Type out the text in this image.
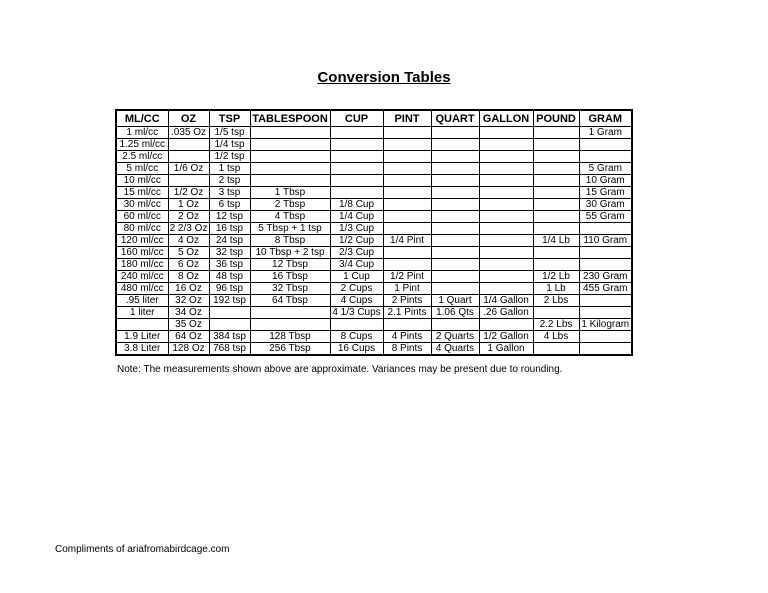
Conversion Tables
ML/CC	OZ	TSP	TABLESPOON	CUP	PINT	QUART	GALLON	POUND	GRAM
1 ml/cc	.035 Oz	1/5 tsp							1 Gram
1.25 ml/cc		1/4 tsp							
2.5 ml/cc		1/2 tsp							
5 ml/cc	1/6 Oz	1 tsp							5 Gram
10 ml/cc		2 tsp							10 Gram
15 ml/cc	1/2 Oz	3 tsp	1 Tbsp						15 Gram
30 ml/cc	1 Oz	6 tsp	2 Tbsp	1/8 Cup					30 Gram
60 ml/cc	2 Oz	12 tsp	4 Tbsp	1/4 Cup					55 Gram
80 ml/cc	2 2/3 Oz	16 tsp	5 Tbsp + 1 tsp	1/3 Cup					
120 ml/cc	4 Oz	24 tsp	8 Tbsp	1/2 Cup	1/4 Pint			1/4 Lb	110 Gram
160 ml/cc	5 Oz	32 tsp	10 Tbsp + 2 tsp	2/3 Cup					
180 ml/cc	6 Oz	36 tsp	12 Tbsp	3/4 Cup					
240 ml/cc	8 Oz	48 tsp	16 Tbsp	1 Cup	1/2 Pint			1/2 Lb	230 Gram
480 ml/cc	16 Oz	96 tsp	32 Tbsp	2 Cups	1 Pint			1 Lb	455 Gram
.95 liter	32 Oz	192 tsp	64 Tbsp	4 Cups	2 Pints	1 Quart	1/4 Gallon	2 Lbs	
1 liter	34 Oz			4 1/3 Cups	2.1 Pints	1.06 Qts	.26 Gallon		
	35 Oz							2.2 Lbs	1 Kilogram
1.9 Liter	64 Oz	384 tsp	128 Tbsp	8 Cups	4 Pints	2 Quarts	1/2 Gallon	4 Lbs	
3.8 Liter	128 Oz	768 tsp	256 Tbsp	16 Cups	8 Pints	4 Quarts	1 Gallon		
Note: The measurements shown above are approximate. Variances may be present due to rounding.
Compliments of ariafromabirdcage.com
